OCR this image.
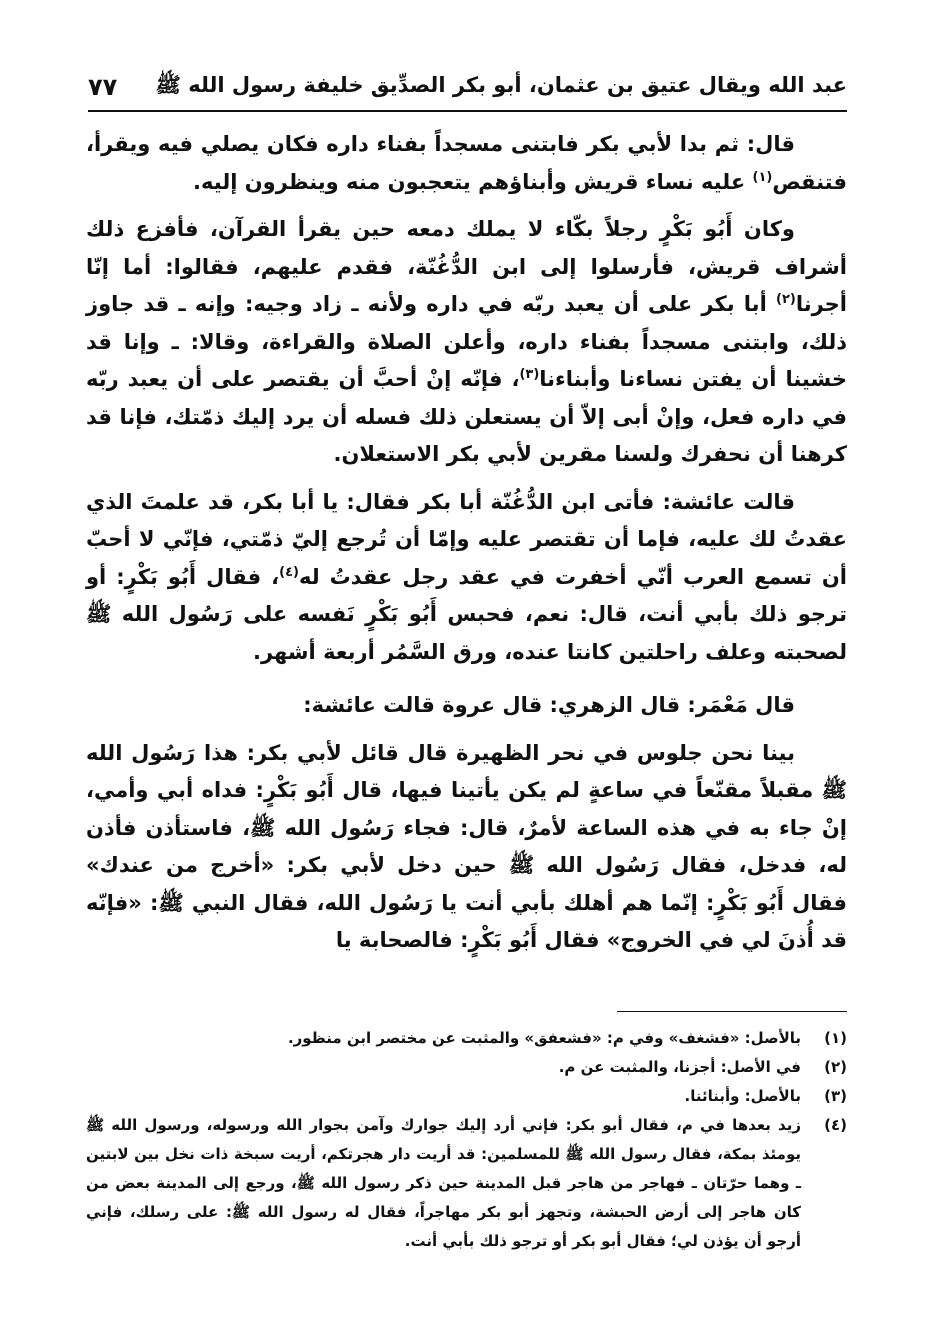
عبد الله ويقال عتيق بن عثمان، أبو بكر الصدِّيق خليفة رسول الله ﷺ
٧٧

قال: ثم بدا لأبي بكر فابتنى مسجداً بفناء داره فكان يصلي فيه ويقرأ، فتنقص$^{(١)}$ عليه نساء قريش وأبناؤهم يتعجبون منه وينظرون إليه.

وكان أَبُو بَكْرٍ رجلاً بكّاء لا يملك دمعه حين يقرأ القرآن، فأفزع ذلك أشراف قريش، فأرسلوا إلى ابن الدُّغُنّة، فقدم عليهم، فقالوا: أما إنّا أجرنا$^{(٢)}$ أبا بكر على أن يعبد ربّه في داره ولأنه ـ زاد وجيه: وإنه ـ قد جاوز ذلك، وابتنى مسجداً بفناء داره، وأعلن الصلاة والقراءة، وقالا: ـ وإنا قد خشينا أن يفتن نساءنا وأبناءنا$^{(٣)}$، فإنّه إنْ أحبَّ أن يقتصر على أن يعبد ربّه في داره فعل، وإنْ أبى إلاّ أن يستعلن ذلك فسله أن يرد إليك ذمّتك، فإنا قد كرهنا أن نحفرك ولسنا مقرين لأبي بكر الاستعلان.

قالت عائشة: فأتى ابن الدُّغُنّة أبا بكر فقال: يا أبا بكر، قد علمتَ الذي عقدتُ لك عليه، فإما أن تقتصر عليه وإمّا أن تُرجع إليّ ذمّتي، فإنّي لا أحبّ أن تسمع العرب أنّي أخفرت في عقد رجل عقدتُ له$^{(٤)}$، فقال أَبُو بَكْرٍ: أو ترجو ذلك بأبي أنت، قال: نعم، فحبس أَبُو بَكْرٍ نَفسه على رَسُول الله ﷺ لصحبته وعلف راحلتين كانتا عنده، ورق السَّمُر أربعة أشهر.

قال مَعْمَر: قال الزهري: قال عروة قالت عائشة:

بينا نحن جلوس في نحر الظهيرة قال قائل لأبي بكر: هذا رَسُول الله ﷺ مقبلاً مقنّعاً في ساعةٍ لم يكن يأتينا فيها، قال أَبُو بَكْرٍ: فداه أبي وأمي، إنْ جاء به في هذه الساعة لأمرٌ، قال: فجاء رَسُول الله ﷺ، فاستأذن فأذن له، فدخل، فقال رَسُول الله ﷺ حين دخل لأبي بكر: «أخرج من عندك» فقال أَبُو بَكْرٍ: إنّما هم أهلك بأبي أنت يا رَسُول الله، فقال النبي ﷺ: «فإنّه قد أُذنَ لي في الخروج» فقال أَبُو بَكْرٍ: فالصحابة يا

(١)
بالأصل: «فشغف» وفي م: «فشعفق» والمثبت عن مختصر ابن منظور.
(٢)
في الأصل: أجزنا، والمثبت عن م.
(٣)
بالأصل: وأبنائنا.
(٤)
زيد بعدها في م، فقال أبو بكر: فإني أرد إليك جوارك وآمن بجوار الله ورسوله، ورسول الله ﷺ يومئذ بمكة، فقال رسول الله ﷺ للمسلمين: قد أريت دار هجرتكم، أريت سبخة ذات نخل بين لابتين ـ وهما حرّتان ـ فهاجر من هاجر قبل المدينة حين ذكر رسول الله ﷺ، ورجع إلى المدينة بعض من كان هاجر إلى أرض الحبشة، وتجهز أبو بكر مهاجراً، فقال له رسول الله ﷺ: على رسلك، فإني أرجو أن يؤذن لي؛ فقال أبو بكر أو ترجو ذلك بأبي أنت.
